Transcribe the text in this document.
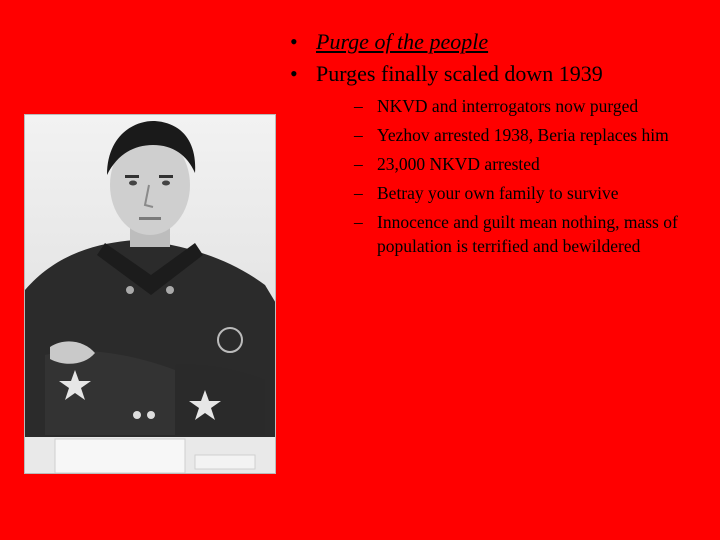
• Purge of the people
• Purges finally scaled down 1939
– NKVD and interrogators now purged
– Yezhov arrested 1938, Beria replaces him
– 23,000 NKVD arrested
– Betray your own family to survive
– Innocence and guilt mean nothing, mass of population is terrified and bewildered
